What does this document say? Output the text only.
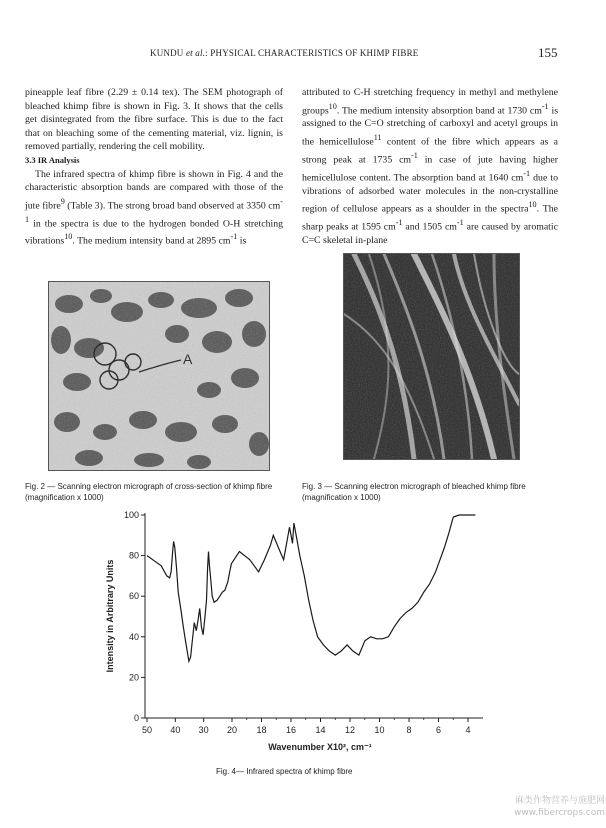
KUNDU et al.: PHYSICAL CHARACTERISTICS OF KHIMP FIBRE	155

pineapple leaf fibre (2.29 ± 0.14 tex). The SEM photograph of bleached khimp fibre is shown in Fig. 3. It shows that the cells get disintegrated from the fibre surface. This is due to the fact that on bleaching some of the cementing material, viz. lignin, is removed partially, rendering the cell mobility.

3.3 IR Analysis

The infrared spectra of khimp fibre is shown in Fig. 4 and the characteristic absorption bands are compared with those of the jute fibre$^9$ (Table 3). The strong broad band observed at 3350 $cm^{-1}$ in the spectra is due to the hydrogen bonded O-H stretching vibrations$^{10}$. The medium intensity band at 2895 $cm^{-1}$ is

attributed to C-H stretching frequency in methyl and methylene groups$^{10}$. The medium intensity absorption band at 1730 $cm^{-1}$ is assigned to the C=O stretching of carboxyl and acetyl groups in the hemicellulose$^{11}$ content of the fibre which appears as a strong peak at 1735 $cm^{-1}$ in case of jute having higher hemicellulose content. The absorption band at 1640 $cm^{-1}$ due to vibrations of adsorbed water molecules in the non-crystalline region of cellulose appears as a shoulder in the spectra$^{10}$. The sharp peaks at 1595 $cm^{-1}$ and 1505 $cm^{-1}$ are caused by aromatic C=C skeletal in-plane

Fig. 2 — Scanning electron micrograph of cross-section of khimp fibre (magnification x 1000)
Fig. 3 — Scanning electron micrograph of bleached khimp fibre (magnification x 1000)
0
20
40
60
80
100
50 40 30 20 18 16 14 12 10 8	6	4
Intensity in Arbitrary Units
Wavenumber X10², cm⁻¹
Fig. 4— Infrared spectra of khimp fibre
麻类作物营养与施肥网
www.fibercrops.com
